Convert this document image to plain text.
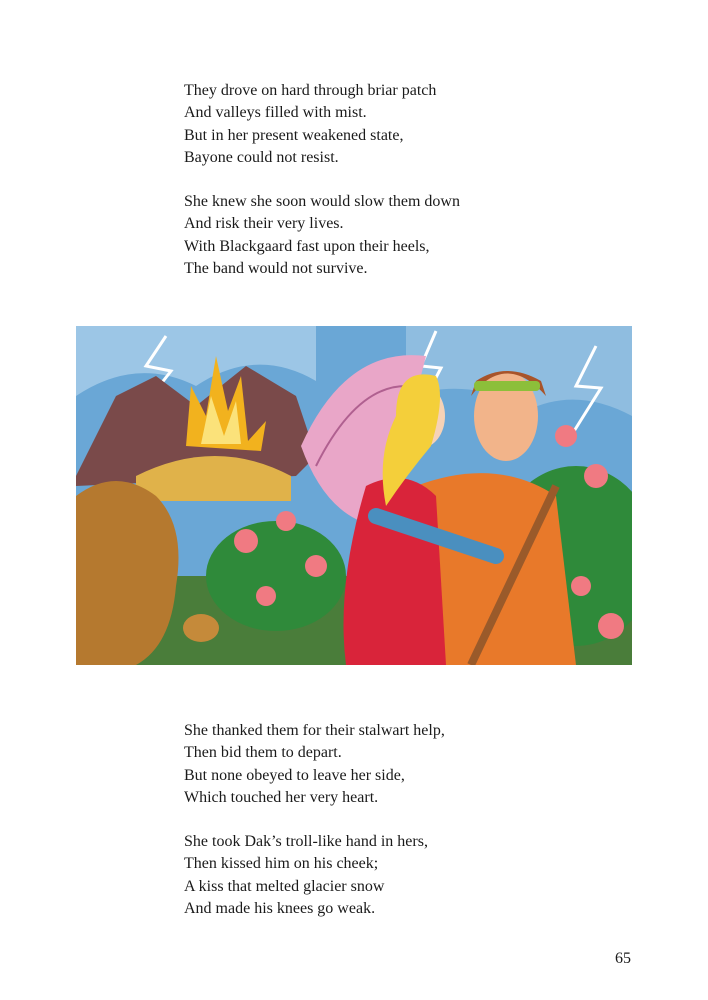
They drove on hard through briar patch
And valleys filled with mist.
But in her present weakened state,
Bayone could not resist.
She knew she soon would slow them down
And risk their very lives.
With Blackgaard fast upon their heels,
The band would not survive.
She thanked them for their stalwart help,
Then bid them to depart.
But none obeyed to leave her side,
Which touched her very heart.
She took Dak’s troll-like hand in hers,
Then kissed him on his cheek;
A kiss that melted glacier snow
And made his knees go weak.
65
